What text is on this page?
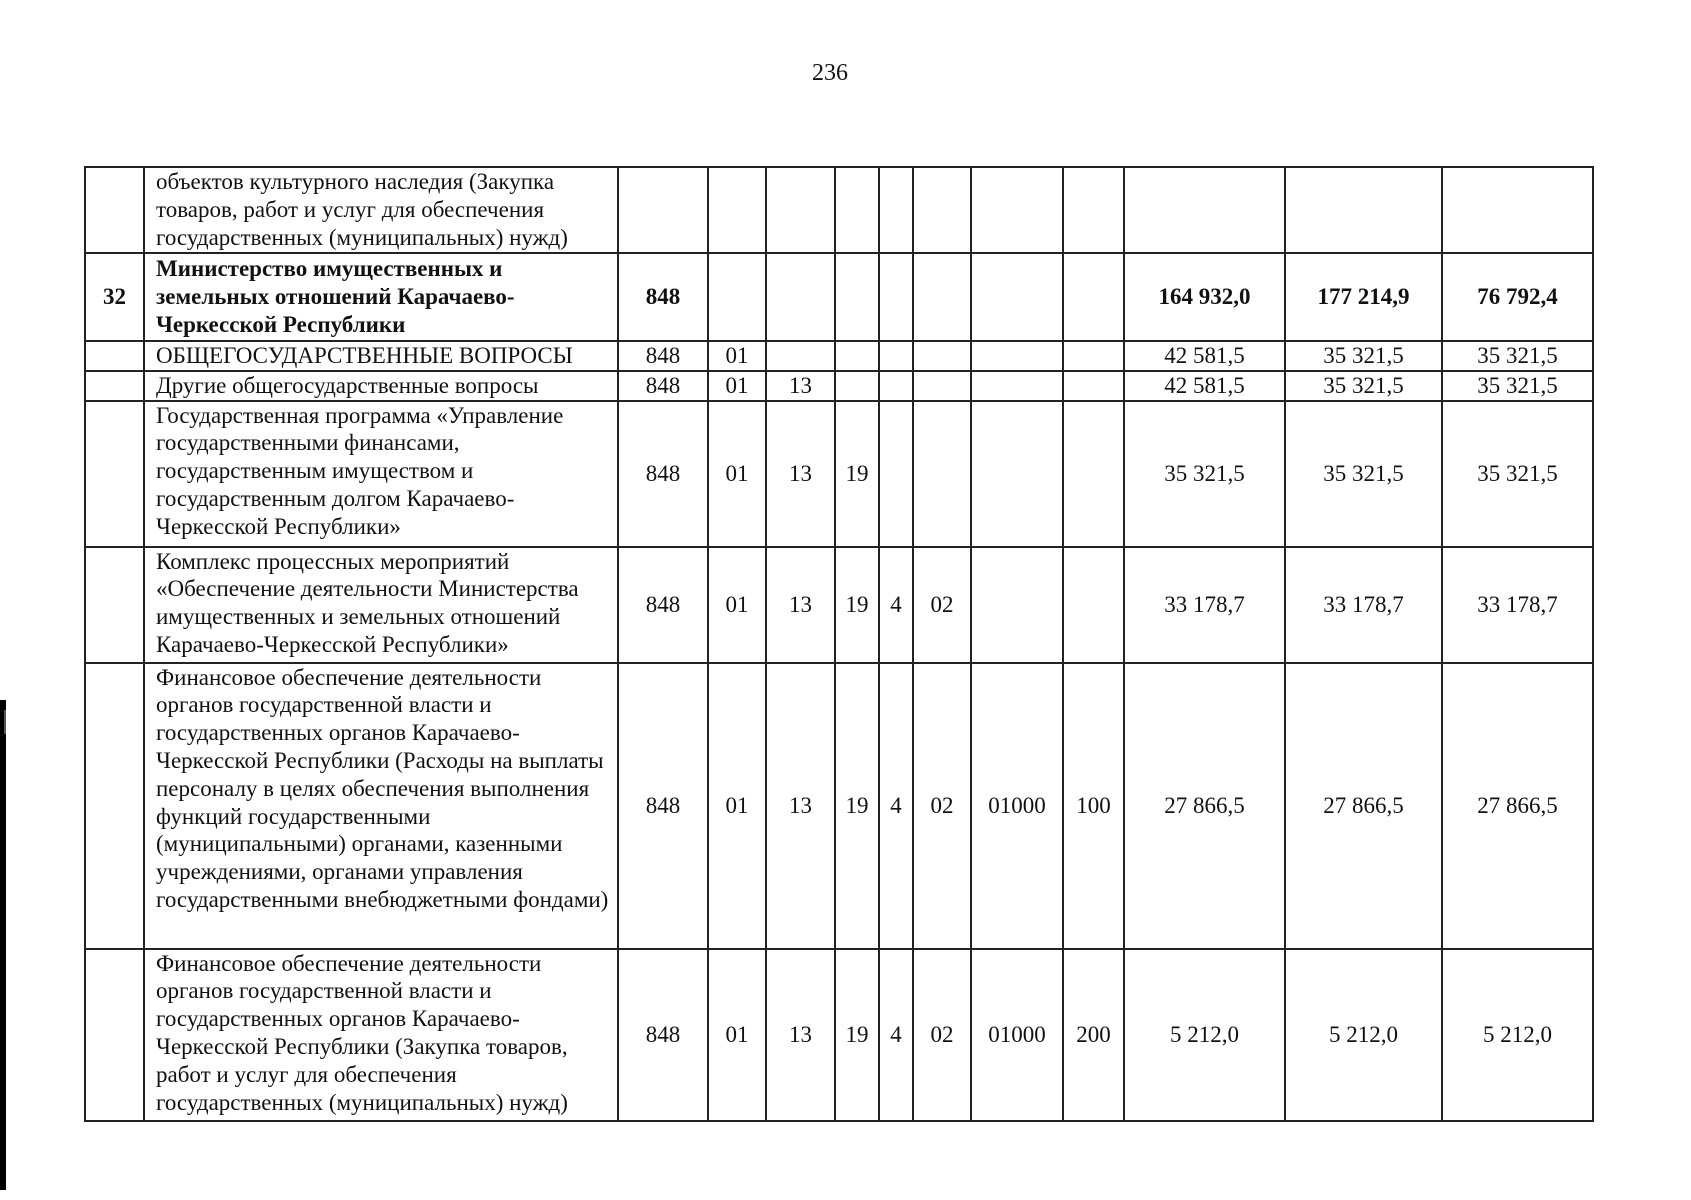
236
	объектов культурного наследия (Закупка товаров, работ и услуг для обеспечения государственных (муниципальных) нужд)											
32	Министерство имущественных и земельных отношений Карачаево-Черкесской Республики	848								164 932,0	177 214,9	76 792,4
	ОБЩЕГОСУДАРСТВЕННЫЕ ВОПРОСЫ	848	01							42 581,5	35 321,5	35 321,5
	Другие общегосударственные вопросы	848	01	13						42 581,5	35 321,5	35 321,5
	Государственная программа «Управление государственными финансами, государственным имуществом и государственным долгом Карачаево-Черкесской Республики»	848	01	13	19					35 321,5	35 321,5	35 321,5
	Комплекс процессных мероприятий «Обеспечение деятельности Министерства имущественных и земельных отношений Карачаево-Черкесской Республики»	848	01	13	19	4	02			33 178,7	33 178,7	33 178,7
	Финансовое обеспечение деятельности органов государственной власти и государственных органов Карачаево-Черкесской Республики (Расходы на выплаты персоналу в целях обеспечения выполнения функций государственными (муниципальными) органами, казенными учреждениями, органами управления государственными внебюджетными фондами)	848	01	13	19	4	02	01000	100	27 866,5	27 866,5	27 866,5
	Финансовое обеспечение деятельности органов государственной власти и государственных органов Карачаево-Черкесской Республики (Закупка товаров, работ и услуг для обеспечения государственных (муниципальных) нужд)	848	01	13	19	4	02	01000	200	5 212,0	5 212,0	5 212,0
